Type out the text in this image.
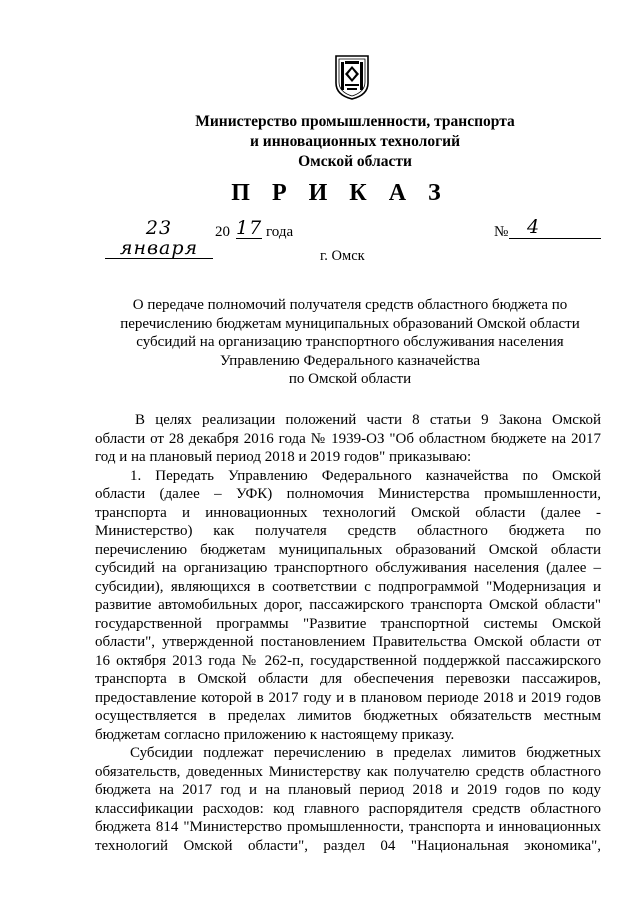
Министерство промышленности, транспорта
и инновационных технологий
Омской области
П Р И К А З
23 января
20 17 года	№ 4
г. Омск
О передаче полномочий получателя средств областного бюджета по
перечислению бюджетам муниципальных образований Омской области
субсидий на организацию транспортного обслуживания населения
Управлению Федерального казначейства
по Омской области
В целях реализации положений части 8 статьи 9 Закона Омской
области от 28 декабря 2016 года № 1939-ОЗ "Об областном бюджете на 2017
год и на плановый период 2018 и 2019 годов" приказываю:
1. Передать Управлению Федерального казначейства по Омской
области (далее – УФК) полномочия Министерства промышленности,
транспорта и инновационных технологий Омской области (далее -
Министерство) как получателя средств областного бюджета по
перечислению бюджетам муниципальных образований Омской области
субсидий на организацию транспортного обслуживания населения (далее –
субсидии), являющихся в соответствии с подпрограммой "Модернизация и
развитие автомобильных дорог, пассажирского транспорта Омской области"
государственной программы "Развитие транспортной системы Омской
области", утвержденной постановлением Правительства Омской области от
16 октября 2013 года № 262-п, государственной поддержкой пассажирского
транспорта в Омской области для обеспечения перевозки пассажиров,
предоставление которой в 2017 году и в плановом периоде 2018 и 2019 годов
осуществляется в пределах лимитов бюджетных обязательств местным
бюджетам согласно приложению к настоящему приказу.
Субсидии подлежат перечислению в пределах лимитов бюджетных
обязательств, доведенных Министерству как получателю средств областного
бюджета на 2017 год и на плановый период 2018 и 2019 годов по коду
классификации расходов: код главного распорядителя средств областного
бюджета 814 "Министерство промышленности, транспорта и инновационных
технологий Омской области", раздел 04 "Национальная экономика",
